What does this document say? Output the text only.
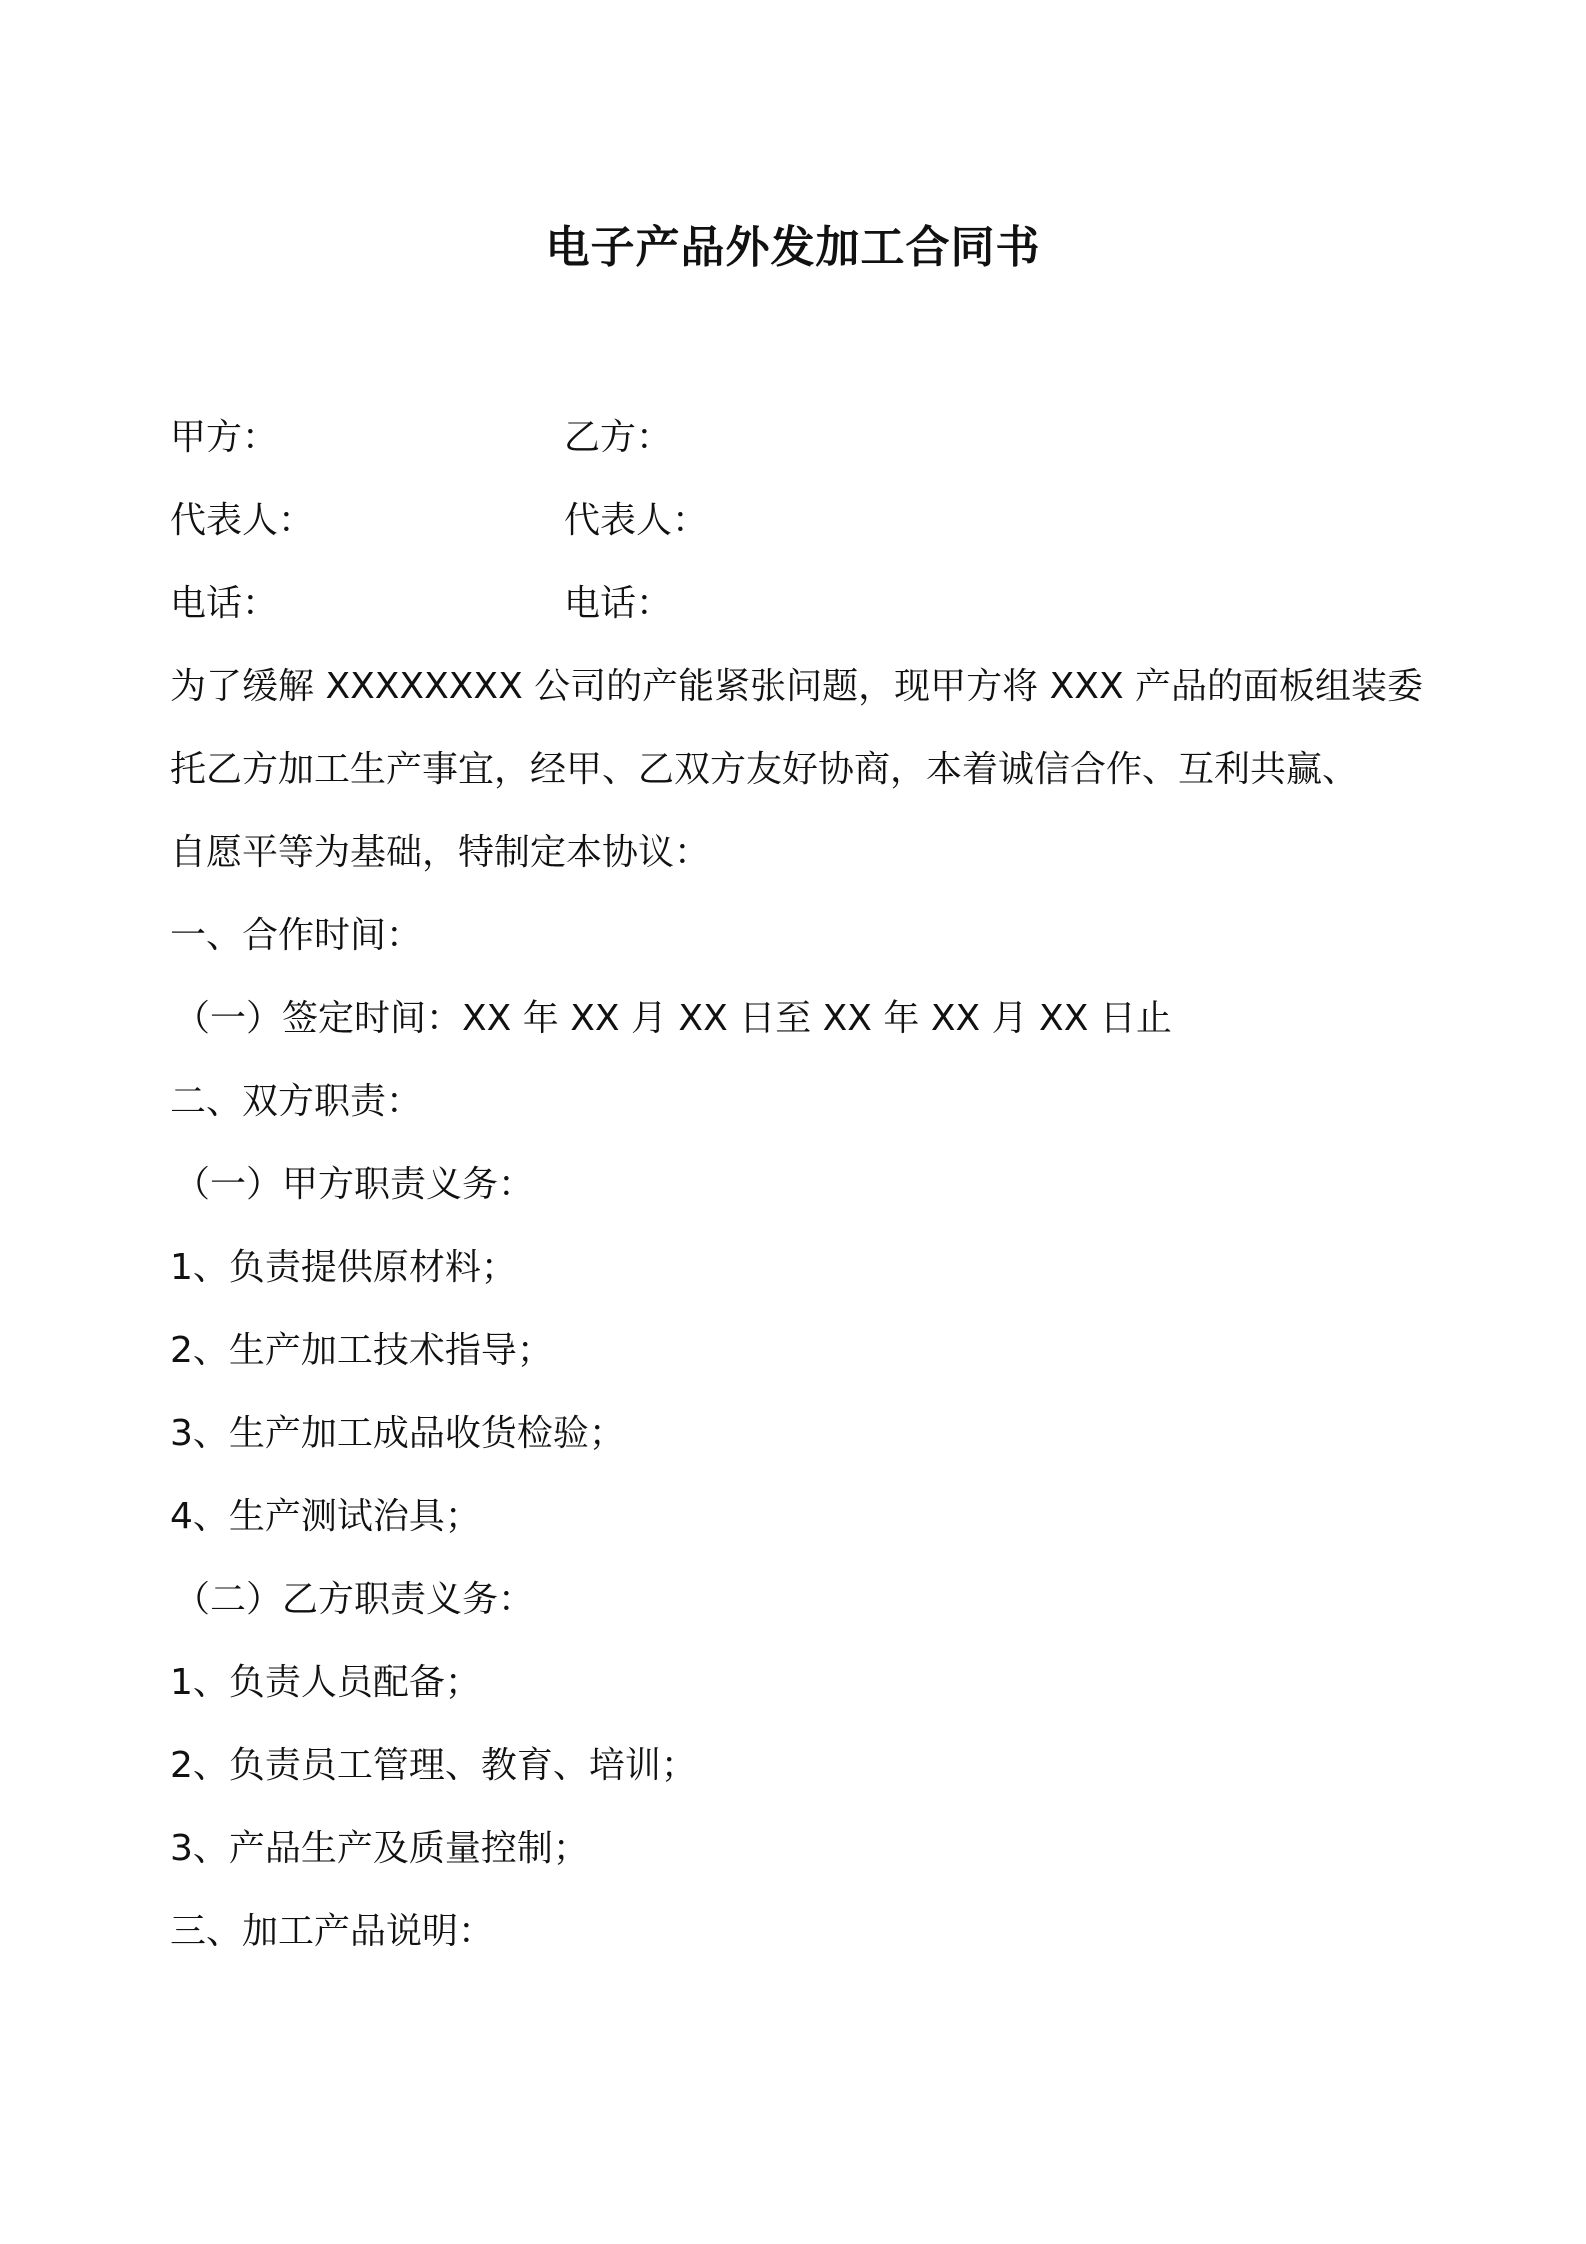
电子产品外发加工合同书
甲方：	乙方：
代表人：	代表人：
电话：	电话：
为了缓解 XXXXXXXX 公司的产能紧张问题，现甲方将 XXX 产品的面板组装委
托乙方加工生产事宜，经甲、乙双方友好协商，本着诚信合作、互利共赢、
自愿平等为基础，特制定本协议：
一、合作时间：
（一）签定时间：XX 年 XX 月 XX 日至 XX 年 XX 月 XX 日止
二、双方职责：
（一）甲方职责义务：
1、负责提供原材料；
2、生产加工技术指导；
3、生产加工成品收货检验；
4、生产测试治具；
（二）乙方职责义务：
1、负责人员配备；
2、负责员工管理、教育、培训；
3、产品生产及质量控制；
三、加工产品说明：
